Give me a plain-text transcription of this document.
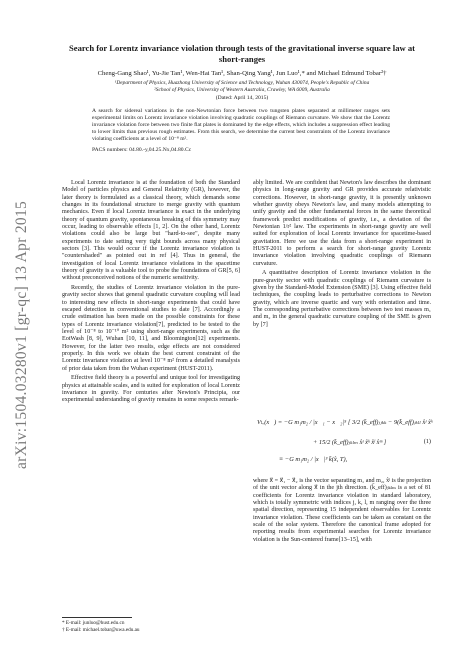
arXiv:1504.03280v1 [gr-qc] 13 Apr 2015
Search for Lorentz invariance violation through tests of the gravitational inverse square law at short-ranges
Cheng-Gang Shao¹, Yu-Jie Tan¹, Wen-Hai Tan¹, Shan-Qing Yang¹, Jun Luo¹,* and Michael Edmund Tobar²†
¹Department of Physics, Huazhong University of Science and Technology, Wuhan 430074, People's Republic of China
²School of Physics, University of Western Australia, Crawley, WA 6009, Australia
(Dated: April 14, 2015)
A search for sidereal variations in the non-Newtonian force between two tungsten plates separated at millimeter ranges sets experimental limits on Lorentz invariance violation involving quadratic couplings of Riemann curvature. We show that the Lorentz invariance violation force between two finite flat plates is dominated by the edge effects, which includes a suppression effect leading to lower limits than previous rough estimates. From this search, we determine the current best constraints of the Lorentz invariance violating coefficients at a level of 10⁻⁸ m².
PACS numbers: 04.80.-y,04.25.Nx,04.80.Cc

Local Lorentz invariance is at the foundation of both the Standard Model of particles physics and General Relativity (GR), however, the later theory is formulated as a classical theory, which demands some changes in its foundational structure to merge gravity with quantum mechanics. Even if local Lorentz invariance is exact in the underlying theory of quantum gravity, spontaneous breaking of this symmetry may occur, leading to observable effects [1, 2]. On the other hand, Lorentz violations could also be large but "hard-to-see", despite many experiments to date setting very tight bounds across many physical sectors [3]. This would occur if the Lorentz invariance violation is "countershaded" as pointed out in ref [4]. Thus in general, the investigation of local Lorentz invariance violations in the spacetime theory of gravity is a valuable tool to probe the foundations of GR[5, 6] without preconceived notions of the numeric sensitivity.

Recently, the studies of Lorentz invariance violation in the pure-gravity sector shows that general quadratic curvature coupling will lead to interesting new effects in short-range experiments that could have escaped detection in conventional studies to date [7]. Accordingly a crude estimation has been made on the possible constraints for these types of Lorentz invariance violation[7], predicted to be tested to the level of 10⁻⁸ to 10⁻¹⁰ m² using short-range experiments, such as the EotWash [8, 9], Wuhan [10, 11], and Bloomington[12] experiments. However, for the latter two results, edge effects are not considered properly. In this work we obtain the best current constraint of the Lorentz invariance violation at level 10⁻⁸ m² from a detailed reanalysis of prior data taken from the Wuhan experiment (HUST-2011).

Effective field theory is a powerful and unique tool for investigating physics at attainable scales, and is suited for exploration of local Lorentz invariance in gravity. For centuries after Newton's Principia, our experimental understanding of gravity remains in some respects remark-

* E-mail: junluo@hust.edu.cn
† E-mail: michael.tobar@uwa.edu.au

ably limited. We are confident that Newton's law describes the dominant physics in long-range gravity and GR provides accurate relativistic corrections. However, in short-range gravity, it is presently unknown whether gravity obeys Newton's law, and many models attempting to unify gravity and the other fundamental forces in the same theoretical framework predict modifications of gravity, i.e., a deviation of the Newtonian 1/r² law. The experiments in short-range gravity are well suited for exploration of local Lorentz invariance for spacetime-based gravitation. Here we use the data from a short-range experiment in HUST-2011 to perform a search for short-range gravity Lorentz invariance violation involving quadratic couplings of Riemann curvature.

A quantitative description of Lorentz invariance violation in the pure-gravity sector with quadratic couplings of Riemann curvature is given by the Standard-Model Extension (SME) [3]. Using effective field techniques, the coupling leads to perturbative corrections to Newton gravity, which are inverse quartic and vary with orientation and time. The corresponding perturbative corrections between two test masses m₁ and m₂ in the general quadratic curvature coupling of the SME is given by [7]

Vₗᵥ(x⃗) = −G m₁m₂ / |x⃗₁ − x⃗₂|⁵ [ 3/2 (k̄_eff)ⱼⱼₖₖ − 9(k̄_eff)ⱼₖₗₗ x̂ʲ x̂ᵏ
+ 15/2 (k̄_eff)ⱼₖₗₘ x̂ʲ x̂ᵏ x̂ˡ x̂ᵐ ]
≡ −G m₁m₂ / |x⃗|³ k̄(x̂, T),
(1)

where x⃗ = x⃗₁ − x⃗₂ is the vector separating m₁ and m₂, x̂ʲ is the projection of the unit vector along x⃗ in the jth direction. (k̄_eff)ⱼₖₗₘ is a set of 81 coefficients for Lorentz invariance violation in standard laboratory, which is totally symmetric with indices j, k, l, m ranging over the three spatial direction, representing 15 independent observables for Lorentz invariance violation. These coefficients can be taken as constant on the scale of the solar system. Therefore the canonical frame adopted for reporting results from experimental searches for Lorentz invariance violation is the Sun-centered frame[13–15], with
